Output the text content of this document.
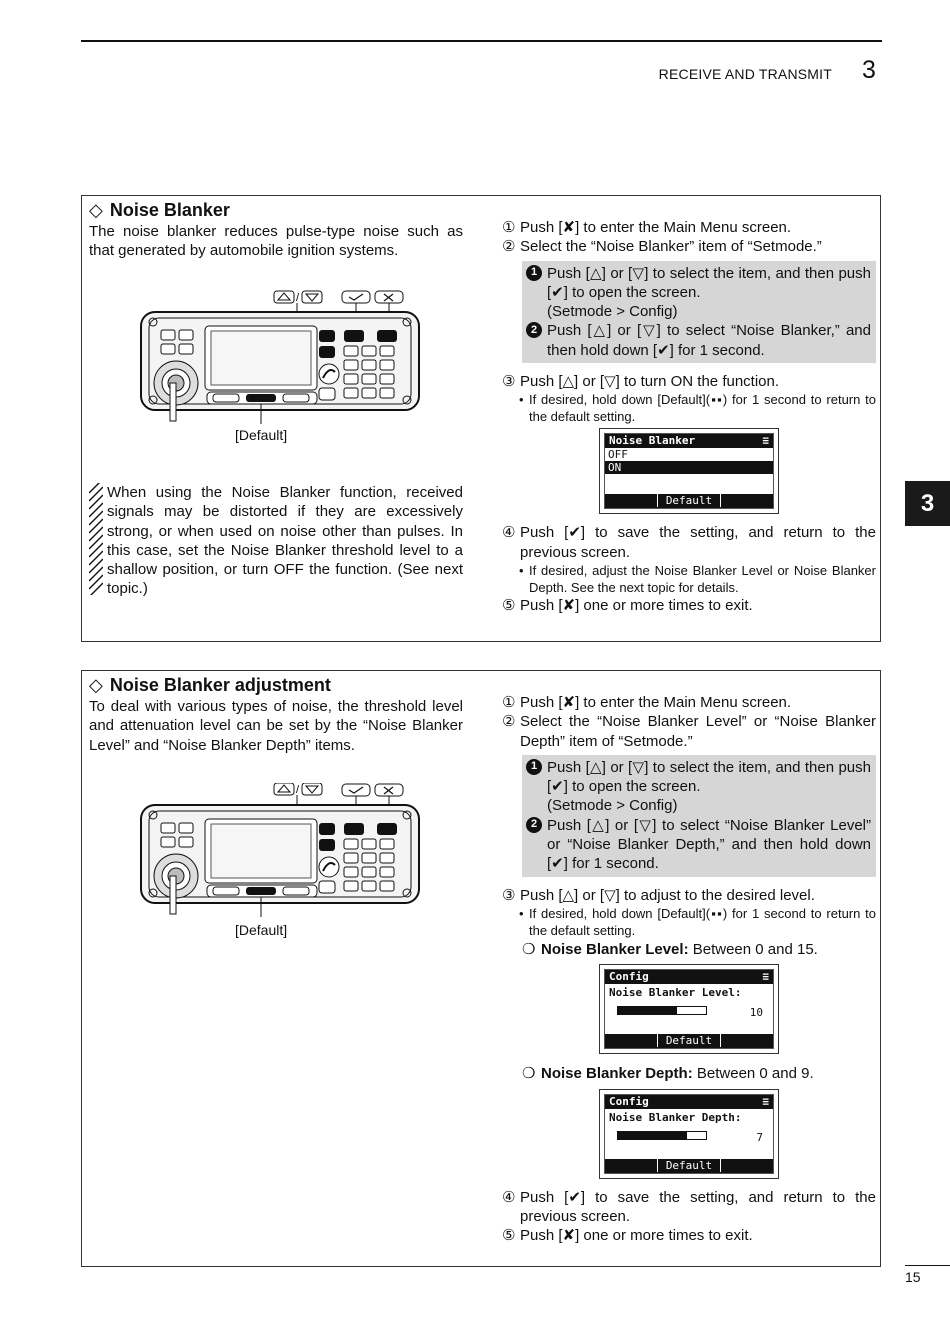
RECEIVE AND TRANSMIT 3
3
15
◇ Noise Blanker
The noise blanker reduces pulse-type noise such as that generated by automobile ignition systems.
/
[Default]
When using the Noise Blanker function, received signals may be distorted if they are excessively strong, or when used on noise other than pulses. In this case, set the Noise Blanker threshold level to a shallow position, or turn OFF the function. (See next topic.)
① Push [✘] to enter the Main Menu screen.
② Select the “Noise Blanker” item of “Setmode.”
1 Push [△] or [▽] to select the item, and then push [✔] to open the screen.
(Setmode > Config)
2 Push [△] or [▽] to select “Noise Blanker,” and then hold down [✔] for 1 second.
③ Push [△] or [▽] to turn ON the function.
• If desired, hold down [Default](▪▪) for 1 second to return to the default setting.
Noise Blanker	≡
OFF
ON
Default
④ Push [✔] to save the setting, and return to the previous screen.
• If desired, adjust the Noise Blanker Level or Noise Blanker Depth. See the next topic for details.
⑤ Push [✘] one or more times to exit.
◇ Noise Blanker adjustment
To deal with various types of noise, the threshold level and attenuation level can be set by the “Noise Blanker Level” and “Noise Blanker Depth” items.
/
[Default]
① Push [✘] to enter the Main Menu screen.
② Select the “Noise Blanker Level” or “Noise Blanker Depth” item of “Setmode.”
1 Push [△] or [▽] to select the item, and then push [✔] to open the screen.
(Setmode > Config)
2 Push [△] or [▽] to select “Noise Blanker Level” or “Noise Blanker Depth,” and then hold down [✔] for 1 second.
③ Push [△] or [▽] to adjust to the desired level.
• If desired, hold down [Default](▪▪) for 1 second to return to the default setting.
❍ Noise Blanker Level: Between 0 and 15.
Config	≡
Noise Blanker Level:
10
Default
❍ Noise Blanker Depth: Between 0 and 9.
Config	≡
Noise Blanker Depth:
7
Default
④ Push [✔] to save the setting, and return to the previous screen.
⑤ Push [✘] one or more times to exit.
